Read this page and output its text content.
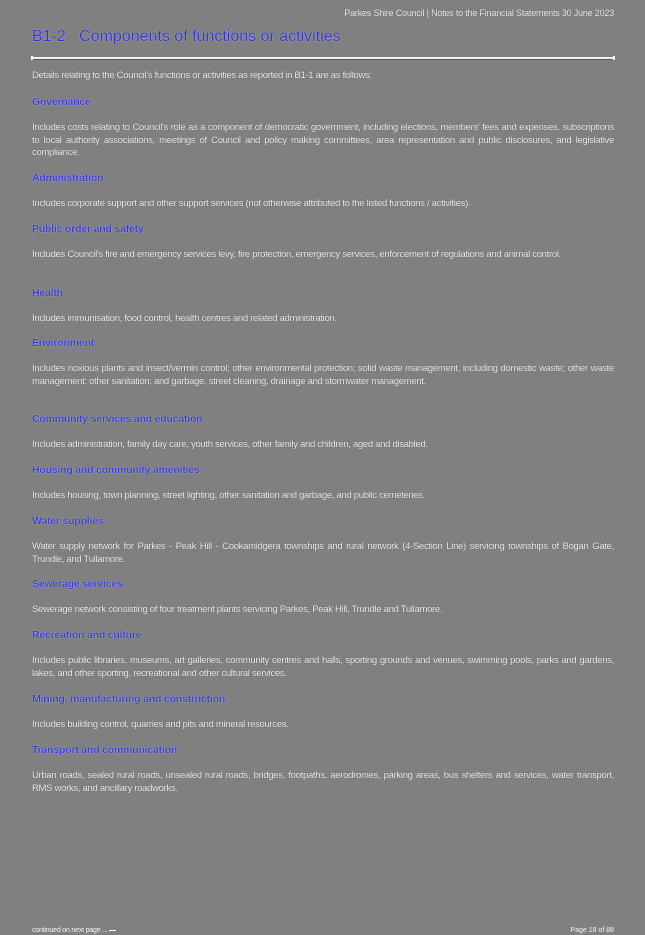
Parkes Shire Council | Notes to the Financial Statements 30 June 2023
B1-2 Components of functions or activities
Details relating to the Council's functions or activities as reported in B1-1 are as follows:
Governance

Includes costs relating to Council's role as a component of democratic government, including elections, members' fees and expenses, subscriptions to local authority associations, meetings of Council and policy making committees, area representation and public disclosures, and legislative compliance.

Administration

Includes corporate support and other support services (not otherwise attributed to the listed functions / activities).

Public order and safety

Includes Council's fire and emergency services levy, fire protection, emergency services, enforcement of regulations and animal control.

Health

Includes immunisation, food control, health centres and related administration.

Environment

Includes noxious plants and insect/vermin control; other environmental protection; solid waste management, including domestic waste; other waste management; other sanitation; and garbage, street cleaning, drainage and stormwater management.

Community services and education

Includes administration, family day care, youth services, other family and children, aged and disabled.

Housing and community amenities

Includes housing, town planning, street lighting, other sanitation and garbage, and public cemeteries.

Water supplies

Water supply network for Parkes - Peak Hill - Cookamidgera townships and rural network (4-Section Line) servicing townships of Bogan Gate, Trundle, and Tullamore.

Sewerage services

Sewerage network consisting of four treatment plants servicing Parkes, Peak Hill, Trundle and Tullamore.

Recreation and culture

Includes public libraries, museums, art galleries, community centres and halls, sporting grounds and venues, swimming pools, parks and gardens, lakes, and other sporting, recreational and other cultural services.

Mining, manufacturing and construction

Includes building control, quarries and pits and mineral resources.

Transport and communication

Urban roads, sealed rural roads, unsealed rural roads, bridges, footpaths, aerodromes, parking areas, bus shelters and services, water transport, RMS works, and ancillary roadworks.

continued on next page ...	Page 18 of 88
